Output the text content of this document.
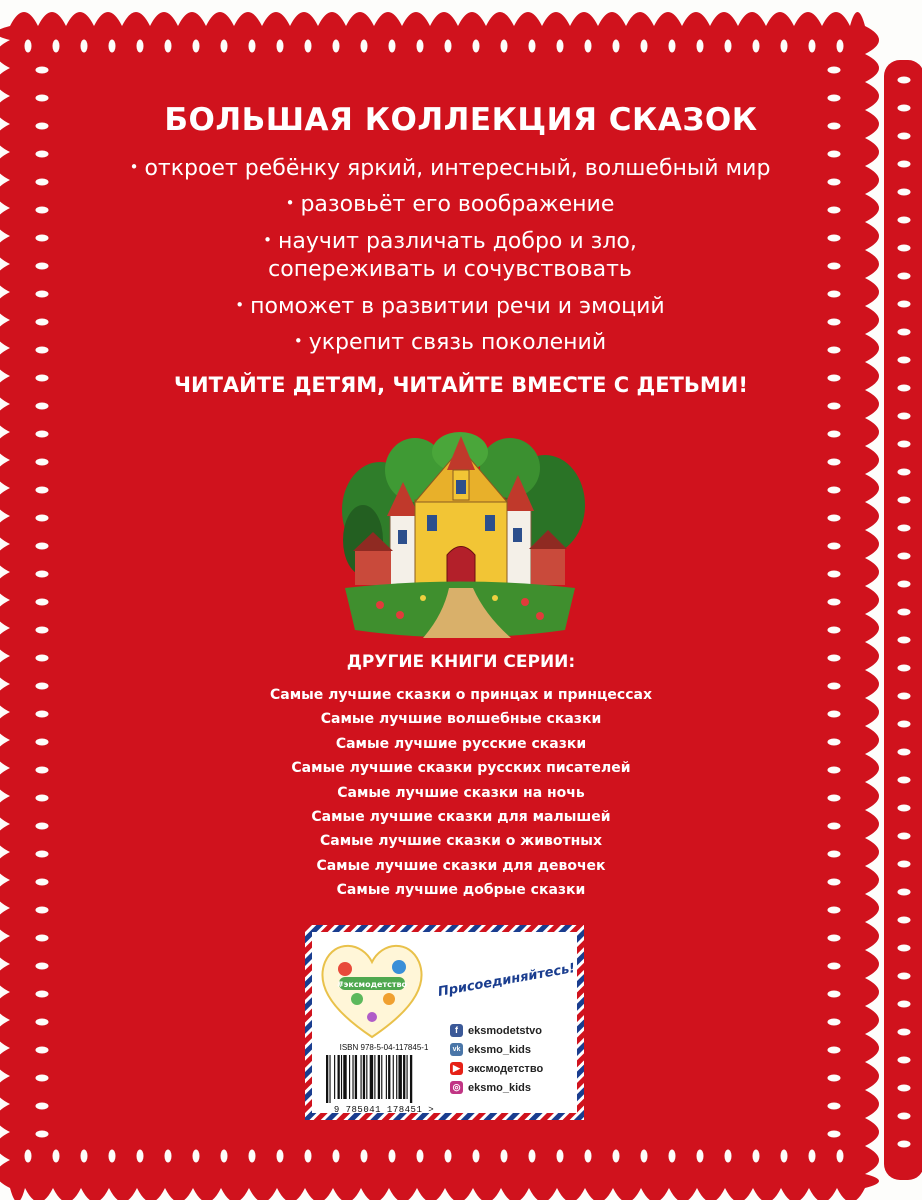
БОЛЬШАЯ КОЛЛЕКЦИЯ СКАЗОК
• откроет ребёнку яркий, интересный, волшебный мир
• разовьёт его воображение
• научит различать добро и зло,
сопереживать и сочувствовать
• поможет в развитии речи и эмоций
• укрепит связь поколений
ЧИТАЙТЕ ДЕТЯМ, ЧИТАЙТЕ ВМЕСТЕ С ДЕТЬМИ!
ДРУГИЕ КНИГИ СЕРИИ:
Самые лучшие сказки о принцах и принцессах
Самые лучшие волшебные сказки
Самые лучшие русские сказки
Самые лучшие сказки русских писателей
Самые лучшие сказки на ночь
Самые лучшие сказки для малышей
Самые лучшие сказки о животных
Самые лучшие сказки для девочек
Самые лучшие добрые сказки
#эксмодетство Присоединяйтесь!
f eksmodetstvo
vk eksmo_kids
▶ эксмодетство
◎ eksmo_kids
ISBN 978-5-04-117845-1
9 785041 178451 >
